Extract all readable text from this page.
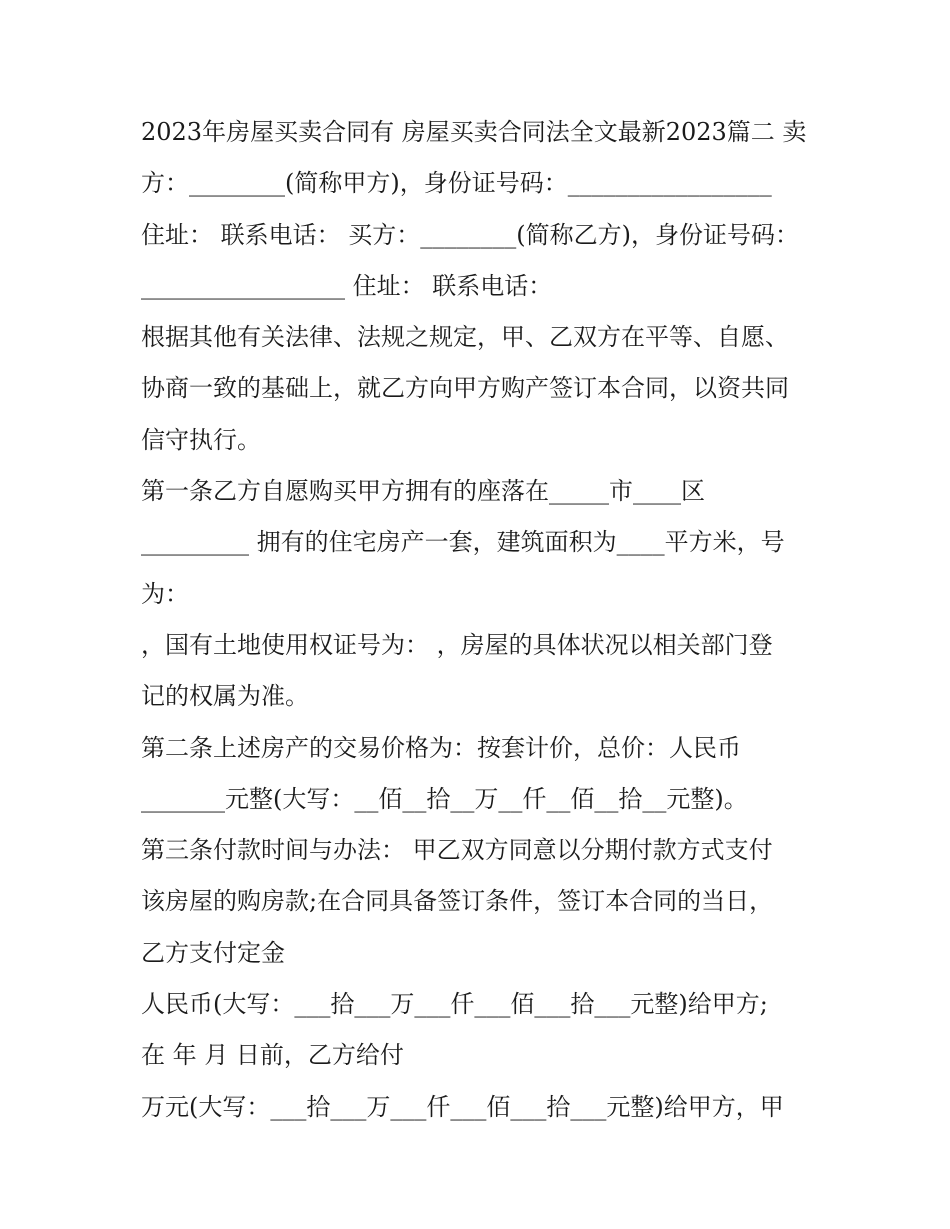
2023年房屋买卖合同有 房屋买卖合同法全文最新2023篇二 卖
方：________(简称甲方)，身份证号码：_________________
住址： 联系电话： 买方：________(简称乙方)，身份证号码：
_________________ 住址： 联系电话：
根据其他有关法律、法规之规定，甲、乙双方在平等、自愿、
协商一致的基础上，就乙方向甲方购产签订本合同，以资共同
信守执行。
第一条乙方自愿购买甲方拥有的座落在_____市____区
_________ 拥有的住宅房产一套，建筑面积为____平方米，号
为：
，国有土地使用权证号为： ，房屋的具体状况以相关部门登
记的权属为准。
第二条上述房产的交易价格为：按套计价，总价：人民币
_______元整(大写：__佰__拾__万__仟__佰__拾__元整)。
第三条付款时间与办法： 甲乙双方同意以分期付款方式支付
该房屋的购房款;在合同具备签订条件，签订本合同的当日，
乙方支付定金
人民币(大写：___拾___万___仟___佰___拾___元整)给甲方;
在 年 月 日前，乙方给付
万元(大写：___拾___万___仟___佰___拾___元整)给甲方，甲
